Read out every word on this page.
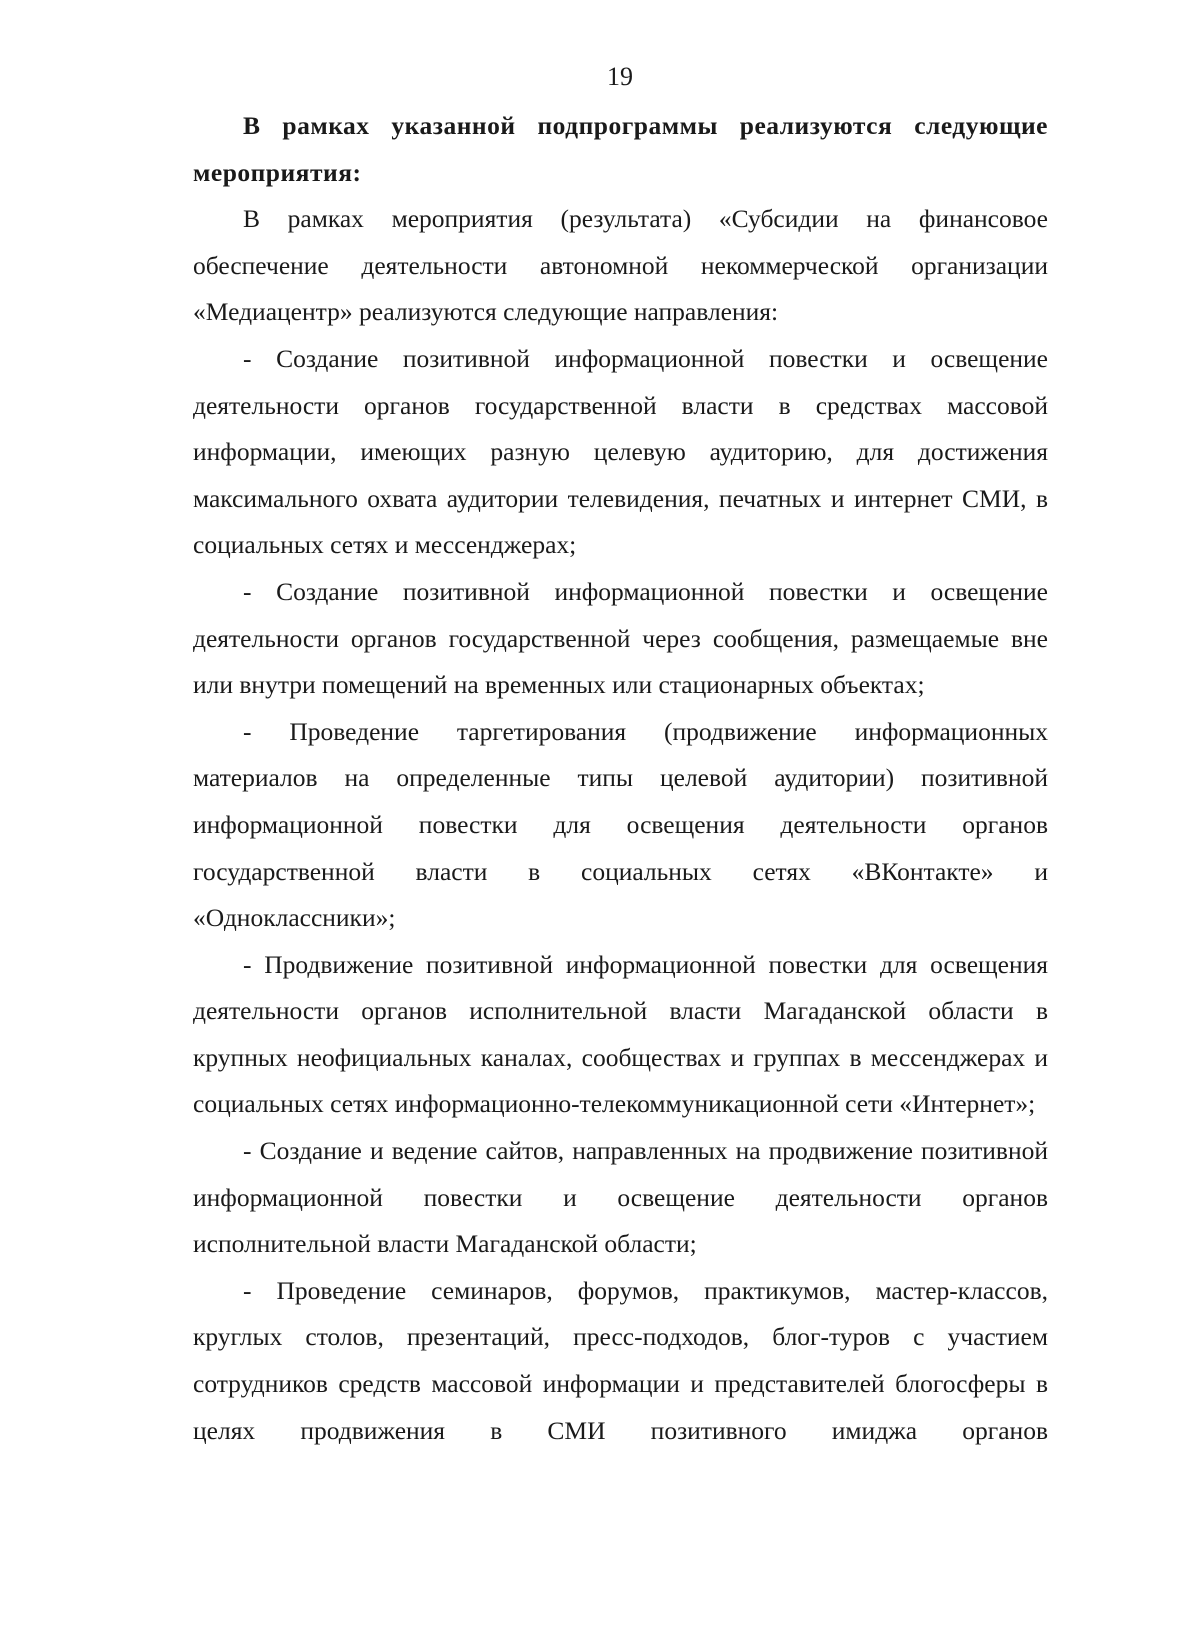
19

В рамках указанной подпрограммы реализуются следующие мероприятия:

В рамках мероприятия (результата) «Субсидии на финансовое обеспечение деятельности автономной некоммерческой организации «Медиацентр» реализуются следующие направления:

- Создание позитивной информационной повестки и освещение деятельности органов государственной власти в средствах массовой информации, имеющих разную целевую аудиторию, для достижения максимального охвата аудитории телевидения, печатных и интернет СМИ, в социальных сетях и мессенджерах;

- Создание позитивной информационной повестки и освещение деятельности органов государственной через сообщения, размещаемые вне или внутри помещений на временных или стационарных объектах;

- Проведение таргетирования (продвижение информационных материалов на определенные типы целевой аудитории) позитивной информационной повестки для освещения деятельности органов государственной власти в социальных сетях «ВКонтакте» и «Одноклассники»;

- Продвижение позитивной информационной повестки для освещения деятельности органов исполнительной власти Магаданской области в крупных неофициальных каналах, сообществах и группах в мессенджерах и социальных сетях информационно-телекоммуникационной сети «Интернет»;

- Создание и ведение сайтов, направленных на продвижение позитивной информационной повестки и освещение деятельности органов исполнительной власти Магаданской области;

- Проведение семинаров, форумов, практикумов, мастер-классов, круглых столов, презентаций, пресс-подходов, блог-туров с участием сотрудников средств массовой информации и представителей блогосферы в целях продвижения в СМИ позитивного имиджа органов
